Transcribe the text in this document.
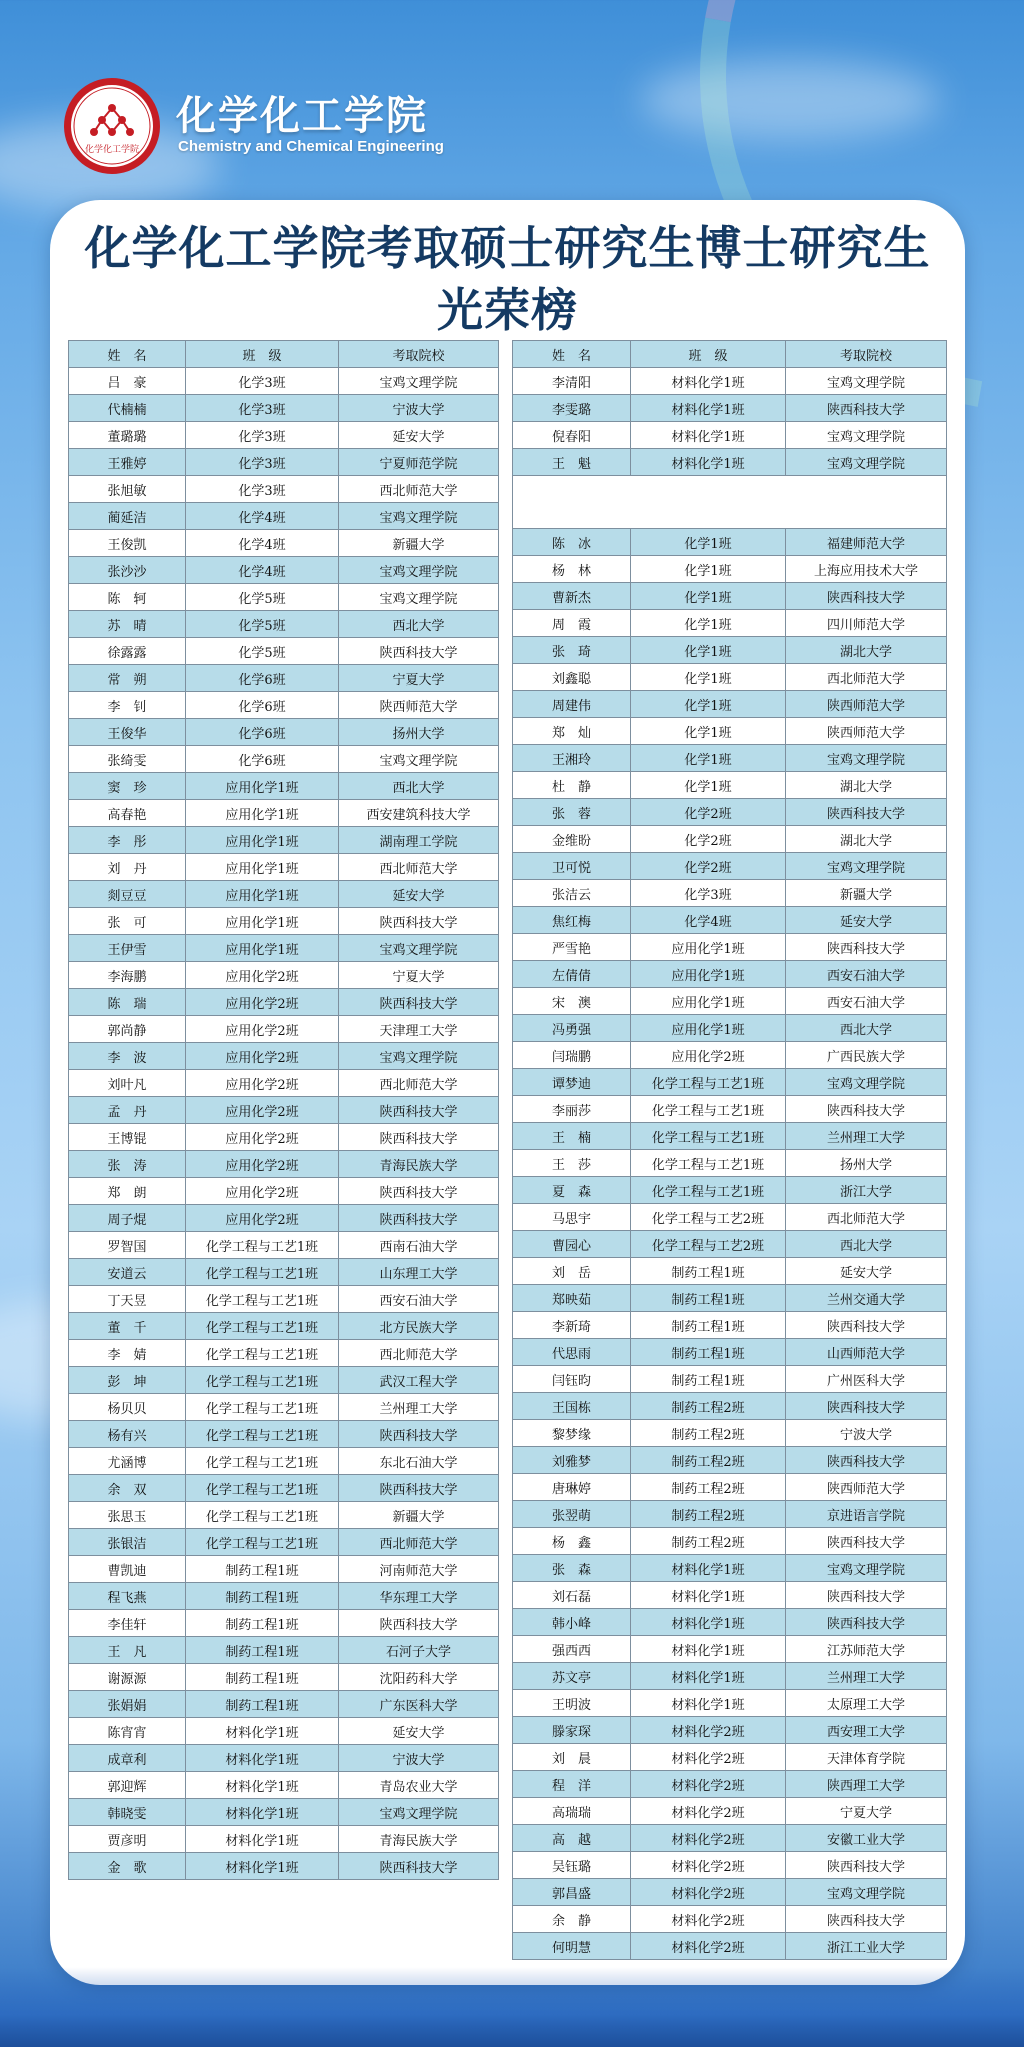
化学化工学院
化学化工学院
Chemistry and Chemical Engineering
化学化工学院考取硕士研究生博士研究生
光荣榜
姓　名	班　级	考取院校
吕　豪	化学3班	宝鸡文理学院
代楠楠	化学3班	宁波大学
董璐璐	化学3班	延安大学
王雅婷	化学3班	宁夏师范学院
张旭敏	化学3班	西北师范大学
蔺延洁	化学4班	宝鸡文理学院
王俊凯	化学4班	新疆大学
张沙沙	化学4班	宝鸡文理学院
陈　轲	化学5班	宝鸡文理学院
苏　晴	化学5班	西北大学
徐露露	化学5班	陕西科技大学
常　朔	化学6班	宁夏大学
李　钊	化学6班	陕西师范大学
王俊华	化学6班	扬州大学
张绮雯	化学6班	宝鸡文理学院
窦　珍	应用化学1班	西北大学
高春艳	应用化学1班	西安建筑科技大学
李　彤	应用化学1班	湖南理工学院
刘　丹	应用化学1班	西北师范大学
剡豆豆	应用化学1班	延安大学
张　可	应用化学1班	陕西科技大学
王伊雪	应用化学1班	宝鸡文理学院
李海鹏	应用化学2班	宁夏大学
陈　瑞	应用化学2班	陕西科技大学
郭尚静	应用化学2班	天津理工大学
李　波	应用化学2班	宝鸡文理学院
刘叶凡	应用化学2班	西北师范大学
孟　丹	应用化学2班	陕西科技大学
王博锟	应用化学2班	陕西科技大学
张　涛	应用化学2班	青海民族大学
郑　朗	应用化学2班	陕西科技大学
周子焜	应用化学2班	陕西科技大学
罗智国	化学工程与工艺1班	西南石油大学
安道云	化学工程与工艺1班	山东理工大学
丁天昱	化学工程与工艺1班	西安石油大学
董　千	化学工程与工艺1班	北方民族大学
李　婧	化学工程与工艺1班	西北师范大学
彭　坤	化学工程与工艺1班	武汉工程大学
杨贝贝	化学工程与工艺1班	兰州理工大学
杨有兴	化学工程与工艺1班	陕西科技大学
尤涵博	化学工程与工艺1班	东北石油大学
余　双	化学工程与工艺1班	陕西科技大学
张思玉	化学工程与工艺1班	新疆大学
张银洁	化学工程与工艺1班	西北师范大学
曹凯迪	制药工程1班	河南师范大学
程飞燕	制药工程1班	华东理工大学
李佳轩	制药工程1班	陕西科技大学
王　凡	制药工程1班	石河子大学
谢源源	制药工程1班	沈阳药科大学
张娟娟	制药工程1班	广东医科大学
陈宵宵	材料化学1班	延安大学
成章利	材料化学1班	宁波大学
郭迎辉	材料化学1班	青岛农业大学
韩晓雯	材料化学1班	宝鸡文理学院
贾彦明	材料化学1班	青海民族大学
金　歌	材料化学1班	陕西科技大学
姓　名	班　级	考取院校
李清阳	材料化学1班	宝鸡文理学院
李雯璐	材料化学1班	陕西科技大学
倪春阳	材料化学1班	宝鸡文理学院
王　魁	材料化学1班	宝鸡文理学院

陈　冰	化学1班	福建师范大学
杨　林	化学1班	上海应用技术大学
曹新杰	化学1班	陕西科技大学
周　霞	化学1班	四川师范大学
张　琦	化学1班	湖北大学
刘鑫聪	化学1班	西北师范大学
周建伟	化学1班	陕西师范大学
郑　灿	化学1班	陕西师范大学
王湘玲	化学1班	宝鸡文理学院
杜　静	化学1班	湖北大学
张　蓉	化学2班	陕西科技大学
金维盼	化学2班	湖北大学
卫可悦	化学2班	宝鸡文理学院
张洁云	化学3班	新疆大学
焦红梅	化学4班	延安大学
严雪艳	应用化学1班	陕西科技大学
左倩倩	应用化学1班	西安石油大学
宋　澳	应用化学1班	西安石油大学
冯勇强	应用化学1班	西北大学
闫瑞鹏	应用化学2班	广西民族大学
谭梦迪	化学工程与工艺1班	宝鸡文理学院
李丽莎	化学工程与工艺1班	陕西科技大学
王　楠	化学工程与工艺1班	兰州理工大学
王　莎	化学工程与工艺1班	扬州大学
夏　森	化学工程与工艺1班	浙江大学
马思宇	化学工程与工艺2班	西北师范大学
曹园心	化学工程与工艺2班	西北大学
刘　岳	制药工程1班	延安大学
郑映茹	制药工程1班	兰州交通大学
李新琦	制药工程1班	陕西科技大学
代思雨	制药工程1班	山西师范大学
闫钰昀	制药工程1班	广州医科大学
王国栋	制药工程2班	陕西科技大学
黎梦缘	制药工程2班	宁波大学
刘雅梦	制药工程2班	陕西科技大学
唐琳婷	制药工程2班	陕西师范大学
张翌萌	制药工程2班	京进语言学院
杨　鑫	制药工程2班	陕西科技大学
张　森	材料化学1班	宝鸡文理学院
刘石磊	材料化学1班	陕西科技大学
韩小峰	材料化学1班	陕西科技大学
强西西	材料化学1班	江苏师范大学
苏文亭	材料化学1班	兰州理工大学
王明波	材料化学1班	太原理工大学
滕家琛	材料化学2班	西安理工大学
刘　晨	材料化学2班	天津体育学院
程　洋	材料化学2班	陕西理工大学
高瑞瑞	材料化学2班	宁夏大学
高　越	材料化学2班	安徽工业大学
吴钰璐	材料化学2班	陕西科技大学
郭昌盛	材料化学2班	宝鸡文理学院
余　静	材料化学2班	陕西科技大学
何明慧	材料化学2班	浙江工业大学
